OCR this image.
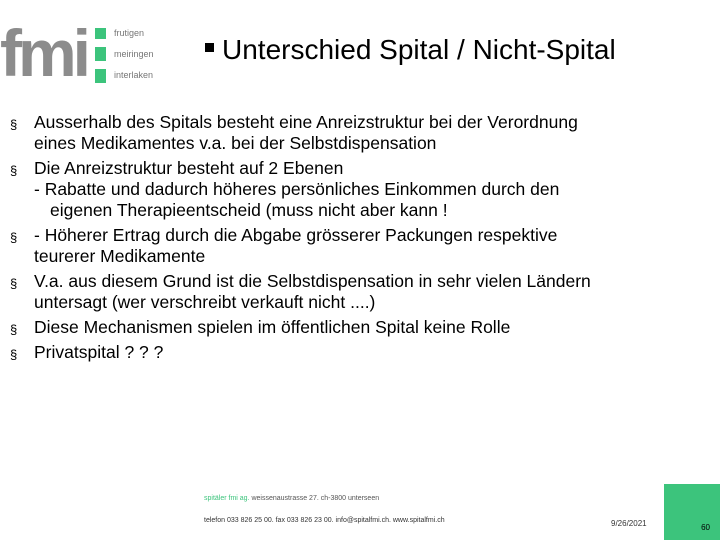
fmi	frutigen
meiringen
interlaken
Unterschied Spital / Nicht-Spital
§ Ausserhalb des Spitals besteht eine Anreizstruktur bei der Verordnung
eines Medikamentes v.a. bei der Selbstdispensation
§ Die Anreizstruktur besteht auf 2 Ebenen
- Rabatte und dadurch höheres persönliches Einkommen durch den
eigenen Therapieentscheid (muss nicht aber kann !
§ - Höherer Ertrag durch die Abgabe grösserer Packungen respektive
teurerer Medikamente
§ V.a. aus diesem Grund ist die Selbstdispensation in sehr vielen Ländern
untersagt (wer verschreibt verkauft nicht ....)
§ Diese Mechanismen spielen im öffentlichen Spital keine Rolle
§ Privatspital ? ? ?
spitäler fmi ag. weissenaustrasse 27. ch-3800 unterseen
telefon 033 826 25 00. fax 033 826 23 00. info@spitalfmi.ch. www.spitalfmi.ch	9/26/2021	60
